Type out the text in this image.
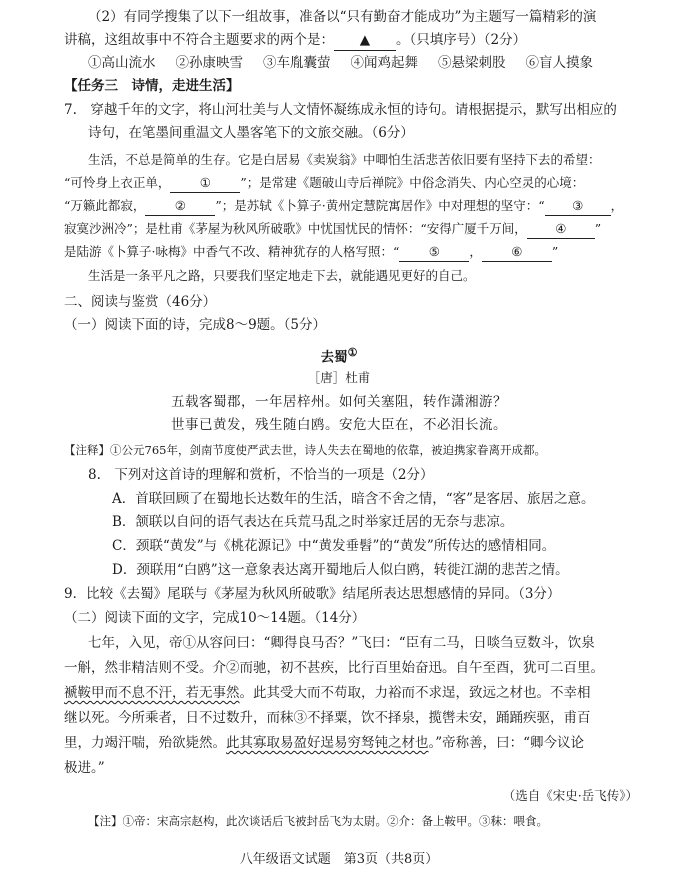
（2）有同学搜集了以下一组故事，准备以“只有勤奋才能成功”为主题写一篇精彩的演
讲稿，这组故事中不符合主题要求的两个是： ▲ 。（只填序号）（2分）
①高山流水 ②孙康映雪 ③车胤囊萤 ④闻鸡起舞 ⑤悬梁刺股 ⑥盲人摸象
【任务三　诗情，走进生活】
7.　穿越千年的文字，将山河壮美与人文情怀凝练成永恒的诗句。请根据提示，默写出相应的
诗句，在笔墨间重温文人墨客笔下的文旅交融。（6分）
生活，不总是简单的生存。它是白居易《卖炭翁》中唧怕生活悲苦依旧要有坚持下去的希望：
“可怜身上衣正单， ① ”；是常建《题破山寺后禅院》中俗念消失、内心空灵的心境：
“万籁此都寂， ② ”；是苏轼《卜算子·黄州定慧院寓居作》中对理想的坚守：“ ③ ，
寂寞沙洲冷”；是杜甫《茅屋为秋风所破歌》中忧国忧民的情怀：“安得广厦千万间， ④ ”
是陆游《卜算子·咏梅》中香气不改、精神犹存的人格写照：“ ⑤ ， ⑥ ”
生活是一条平凡之路，只要我们坚定地走下去，就能遇见更好的自己。
二、阅读与鉴赏（46分）
（一）阅读下面的诗，完成8～9题。（5分）
去蜀①
［唐］杜甫
五载客蜀郡，一年居梓州。如何关塞阻，转作潇湘游？
世事已黄发，残生随白鸥。安危大臣在，不必泪长流。
【注释】①公元765年，剑南节度使严武去世，诗人失去在蜀地的依靠，被迫携家眷离开成都。
8.　下列对这首诗的理解和赏析，不恰当的一项是（2分）
A．首联回顾了在蜀地长达数年的生活，暗含不舍之情，“客”是客居、旅居之意。
B．颔联以自问的语气表达在兵荒马乱之时举家迁居的无奈与悲凉。
C．颈联“黄发”与《桃花源记》中“黄发垂髫”的“黄发”所传达的感情相同。
D．颈联用“白鸥”这一意象表达离开蜀地后人似白鸥，转徙江湖的悲苦之情。
9．比较《去蜀》尾联与《茅屋为秋风所破歌》结尾所表达思想感情的异同。（3分）
（二）阅读下面的文字，完成10～14题。（14分）
七年，入见，帝①从容问曰：“卿得良马否？”飞曰：“臣有二马，日啖刍豆数斗，饮泉
一斛，然非精洁则不受。介②而驰，初不甚疾，比行百里始奋迅。自午至酉，犹可二百里。
褫鞍甲而不息不汗，若无事然。此其受大而不苟取，力裕而不求逞，致远之材也。不幸相
继以死。今所乘者，日不过数升，而秣③不择粟，饮不择泉，揽辔未安，踊踊疾驱，甫百
里，力竭汗喘，殆欲毙然。此其寡取易盈好逞易穷驽钝之材也。”帝称善，曰：“卿今议论
极进。”
（选自《宋史·岳飞传》）
【注】①帝：宋高宗赵构，此次谈话后飞被封岳飞为太尉。②介：备上鞍甲。③秣：喂食。
八年级语文试题　第3页（共8页）
